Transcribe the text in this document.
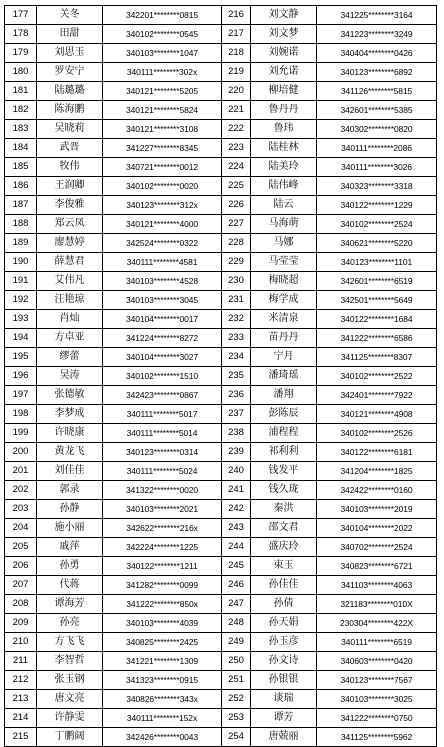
177	关冬	342201********0815	216	刘文静	341225********3164
178	田甜	340102********0545	217	刘文梦	341223********3249
179	刘思玉	340103********1047	218	刘婉诺	340404********0426
180	罗安宁	340111********302x	219	刘允诺	340123********6892
181	陆璐璐	340121********5205	220	柳培健	341126********5815
182	陈海鹏	340121********5824	221	鲁丹丹	342601********5385
183	吴晓莉	340121********3108	222	鲁玮	340302********0820
184	武晋	341227********8345	223	陆桂林	340111********2086
185	牧伟	340721********0012	224	陆美玲	340111********3026
186	王润卿	340102********0020	225	陆伟峰	340323********3318
187	李俊雅	340123********312x	226	陆云	340122********1229
188	郑云凤	340121********4000	227	马海萌	340102********2524
189	廖慧婷	342524********0322	228	马娜	340621********5220
190	薛慧君	340111********4581	229	马莹莹	340123********1101
191	艾伟凡	340103********4528	230	梅晓超	342601********6519
192	汪艳琼	340103********3045	231	梅学成	342501********5649
193	肖灿	340104********0017	232	米清泉	340122********1684
194	方卓亚	341224********8272	233	苗丹丹	341222********6586
195	缪蕾	340104********3027	234	宁月	341125********8307
196	吴涛	340102********1510	235	潘琦瑶	340102********2522
197	张德敏	342423********0867	236	潘翔	342401********7922
198	李梦成	340111********5017	237	彭陈辰	340121********4908
199	许晓康	340111********5014	238	浦程程	340102********2526
200	黄龙飞	340123********0314	239	祁利利	340122********6181
201	刘佳佳	340111********5024	240	钱发平	341204********1825
202	郭录	341322********0020	241	钱久珑	342422********0160
203	孙静	340103********2021	242	秦洪	340103********2019
204	施小丽	342622********216x	243	邵文君	340104********2022
205	戚萍	342224********1225	244	盛庆玲	340702********2524
206	孙勇	340122********1211	245	束玉	340823********6721
207	代蒋	341282********0099	246	孙佳佳	341103********4063
208	谭海芳	341222********850x	247	孙倩	321183********010X
209	孙亮	340103********4039	248	孙天娟	230304********422X
210	方飞飞	340825********2425	249	孙玉彦	340111********6519
211	李智哲	341221********1309	250	孙文诗	340603********0420
212	张玉钢	341323********0915	251	孙银银	340123********7567
213	唐文亮	340826********343x	252	谈瑞	340103********3025
214	许静雯	340111********152x	253	谭芳	341222********0750
215	丁鹏阔	342426********0043	254	唐兢丽	341125********5962
